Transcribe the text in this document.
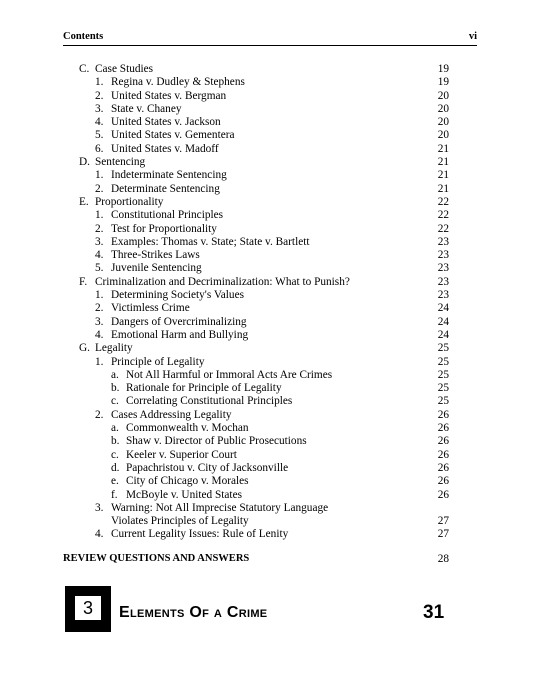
Contents	vi
C. Case Studies	19
1. Regina v. Dudley & Stephens	19
2. United States v. Bergman	20
3. State v. Chaney	20
4. United States v. Jackson	20
5. United States v. Gementera	20
6. United States v. Madoff	21
D. Sentencing	21
1. Indeterminate Sentencing	21
2. Determinate Sentencing	21
E. Proportionality	22
1. Constitutional Principles	22
2. Test for Proportionality	22
3. Examples: Thomas v. State; State v. Bartlett	23
4. Three-Strikes Laws	23
5. Juvenile Sentencing	23
F. Criminalization and Decriminalization: What to Punish?	23
1. Determining Society's Values	23
2. Victimless Crime	24
3. Dangers of Overcriminalizing	24
4. Emotional Harm and Bullying	24
G. Legality	25
1. Principle of Legality	25
a. Not All Harmful or Immoral Acts Are Crimes	25
b. Rationale for Principle of Legality	25
c. Correlating Constitutional Principles	25
2. Cases Addressing Legality	26
a. Commonwealth v. Mochan	26
b. Shaw v. Director of Public Prosecutions	26
c. Keeler v. Superior Court	26
d. Papachristou v. City of Jacksonville	26
e. City of Chicago v. Morales	26
f. McBoyle v. United States	26
3. Warning: Not All Imprecise Statutory Language
Violates Principles of Legality	27
4. Current Legality Issues: Rule of Lenity	27
REVIEW QUESTIONS AND ANSWERS	28
3	Elements Of a Crime	31
